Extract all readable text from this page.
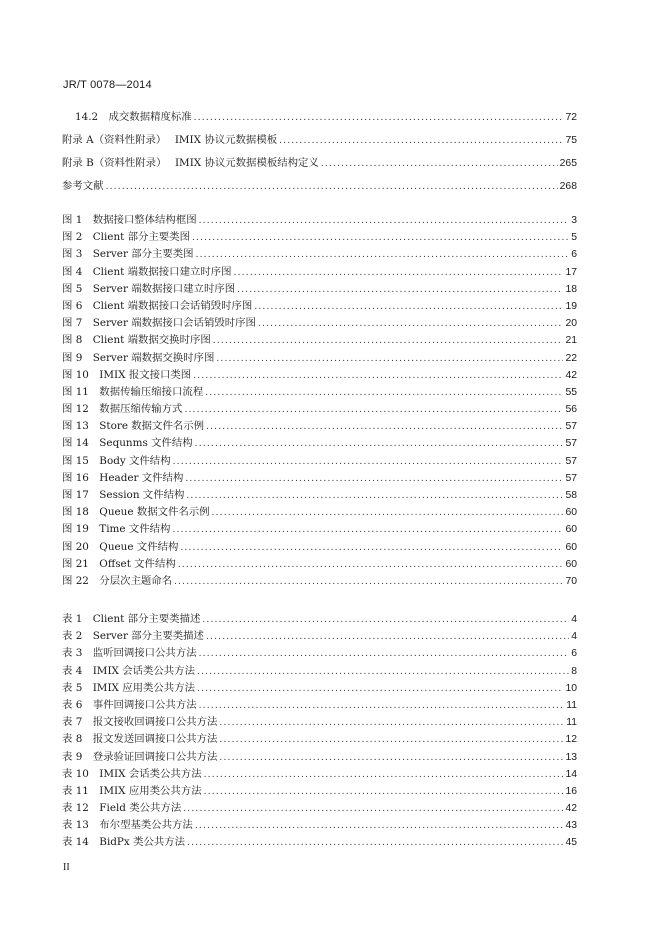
JR/T 0078—2014
14.2　成交数据精度标准 .....	72
附录 A（资料性附录）　 IMIX 协议元数据模板 .....	75
附录 B（资料性附录）　 IMIX 协议元数据模板结构定义 .....	265
参考文献 .....	268
图 1　数据接口整体结构框图 .....	3
图 2　Client 部分主要类图 .....	5
图 3　Server 部分主要类图 .....	6
图 4　Client 端数据接口建立时序图 .....	17
图 5　Server 端数据接口建立时序图 .....	18
图 6　Client 端数据接口会话销毁时序图 .....	19
图 7　Server 端数据接口会话销毁时序图 .....	20
图 8　Client 端数据交换时序图 .....	21
图 9　Server 端数据交换时序图 .....	22
图 10　IMIX 报文接口类图 .....	42
图 11　数据传输压缩接口流程 .....	55
图 12　数据压缩传输方式 .....	56
图 13　Store 数据文件名示例 .....	57
图 14　Sequnms 文件结构 .....	57
图 15　Body 文件结构 .....	57
图 16　Header 文件结构 .....	57
图 17　Session 文件结构 .....	58
图 18　Queue 数据文件名示例 .....	60
图 19　Time 文件结构 .....	60
图 20　Queue 文件结构 .....	60
图 21　Offset 文件结构 .....	60
图 22　分层次主题命名 .....	70
表 1　Client 部分主要类描述 .....	4
表 2　Server 部分主要类描述 .....	4
表 3　监听回调接口公共方法 .....	6
表 4　IMIX 会话类公共方法 .....	8
表 5　IMIX 应用类公共方法 .....	10
表 6　事件回调接口公共方法 .....	11
表 7　报文接收回调接口公共方法 .....	11
表 8　报文发送回调接口公共方法 .....	12
表 9　登录验证回调接口公共方法 .....	13
表 10　IMIX 会话类公共方法 .....	14
表 11　IMIX 应用类公共方法 .....	16
表 12　Field 类公共方法 .....	42
表 13　布尔型基类公共方法 .....	43
表 14　BidPx 类公共方法 .....	45
II
